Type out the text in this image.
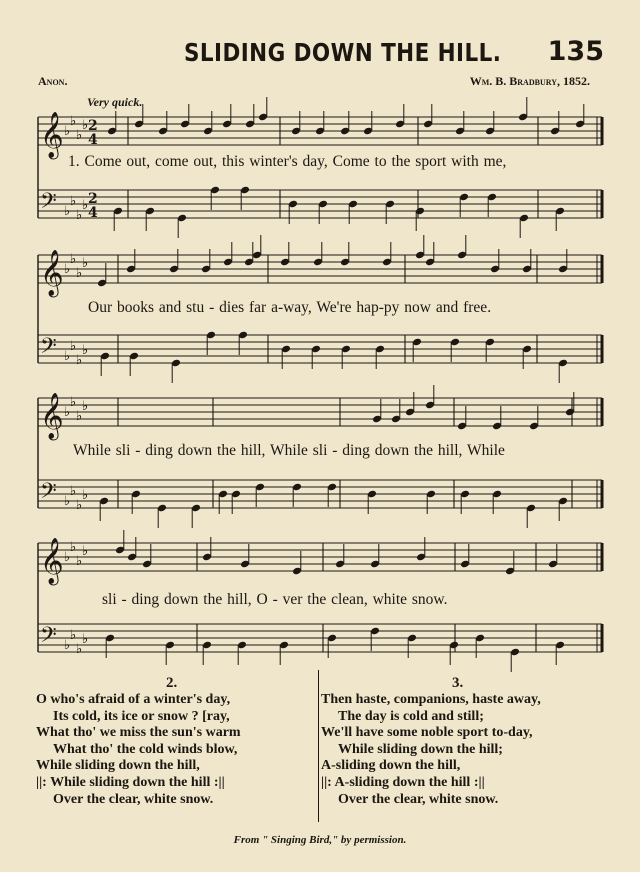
SLIDING DOWN THE HILL. 135
Anon.	Wm. B. Bradbury, 1852.
Very quick.
𝄞 ♭
♭
♭
♭ 2
4
𝄢 ♭
♭
♭
♭ 2
4
𝄞 ♭
♭
♭
♭
𝄢 ♭
♭
♭
♭
𝄞 ♭
♭
♭
♭
𝄢 ♭
♭
♭
♭
𝄞 ♭
♭
♭
♭
𝄢 ♭
♭
♭
♭
1. Come out, come out, this winter's day, Come to the sport with me,
Our books and stu - dies far a-way, We're hap-py now and free.
While sli - ding down the hill, While sli - ding down the hill, While
sli - ding down the hill, O - ver the clean, white snow.
2.	3.
O who's afraid of a winter's day,
Its cold, its ice or snow ? [ray,
What tho' we miss the sun's warm
What tho' the cold winds blow,
While sliding down the hill,
||: While sliding down the hill :||
Over the clear, white snow.
Then haste, companions, haste away,
The day is cold and still;
We'll have some noble sport to-day,
While sliding down the hill;
A-sliding down the hill,
||: A-sliding down the hill :||
Over the clear, white snow.
From " Singing Bird," by permission.
